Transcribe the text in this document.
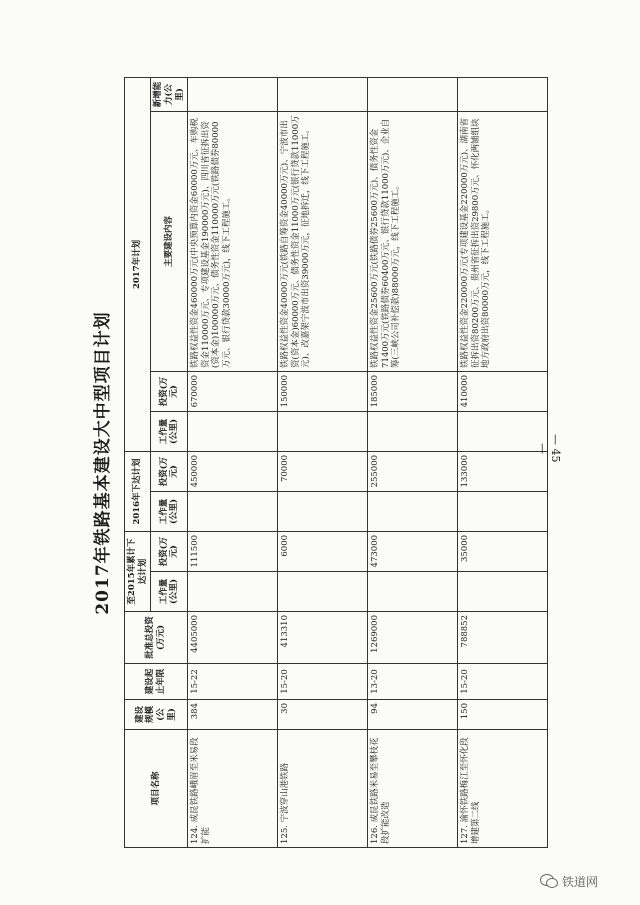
2017年铁路基本建设大中型项目计划
项目名称	建设规模(公里)	建设起止年限	批准总投资(万元)	至2015年累计下达计划		2016年下达计划		2017年计划			
				工作量(公里)	投资(万元)	工作量(公里)	投资(万元)	工作量(公里)	投资(万元)	主要建设内容	新增能力(公里)
124. 成昆铁路峨眉至米易段扩能	384	15-22	4405000		111500		450000		670000	铁路权益性资金460000万元(中央预算内资金60000万元、车购税资金110000万元、专项建设基金190000万元)、四川省征拆出资(资本金)100000万元、债务性资金110000万元(铁路债券80000万元、银行贷款30000万元)，线下工程施工。	
125. 宁波穿山港铁路	30	15-20	413310		6000		70000		150000	铁路权益性资金40000万元(铁路自筹资金40000万元)、宁波市出资(资本金)60000万元、债务性资金11000万元(银行贷款11000万元)、改嘉架宁波市出资39000万元，征地拆迁，线下工程施工。	
126. 成昆铁路米易至攀枝花段扩能改造	94	13-20	1269000		473000		255000		185000	铁路权益性资金25600万元(铁路债券25600万元)、债务性资金71400万元(铁路债券60400万元、银行贷款11000万元)、企业自筹(三峡公司补偿款)88000万元，线下工程施工。	
127. 渝怀铁路梅江至怀化段增建第二线	150	15-20	788852		35000		133000		410000	铁路权益性资金220000万元(专项建设基金220000万元)、湖南省征拆出资80200万元、贵州省征拆出资29800万元、怀化两铺组块地方政府出资80000万元，线下工程施工。	
— 45 —
铁道网
